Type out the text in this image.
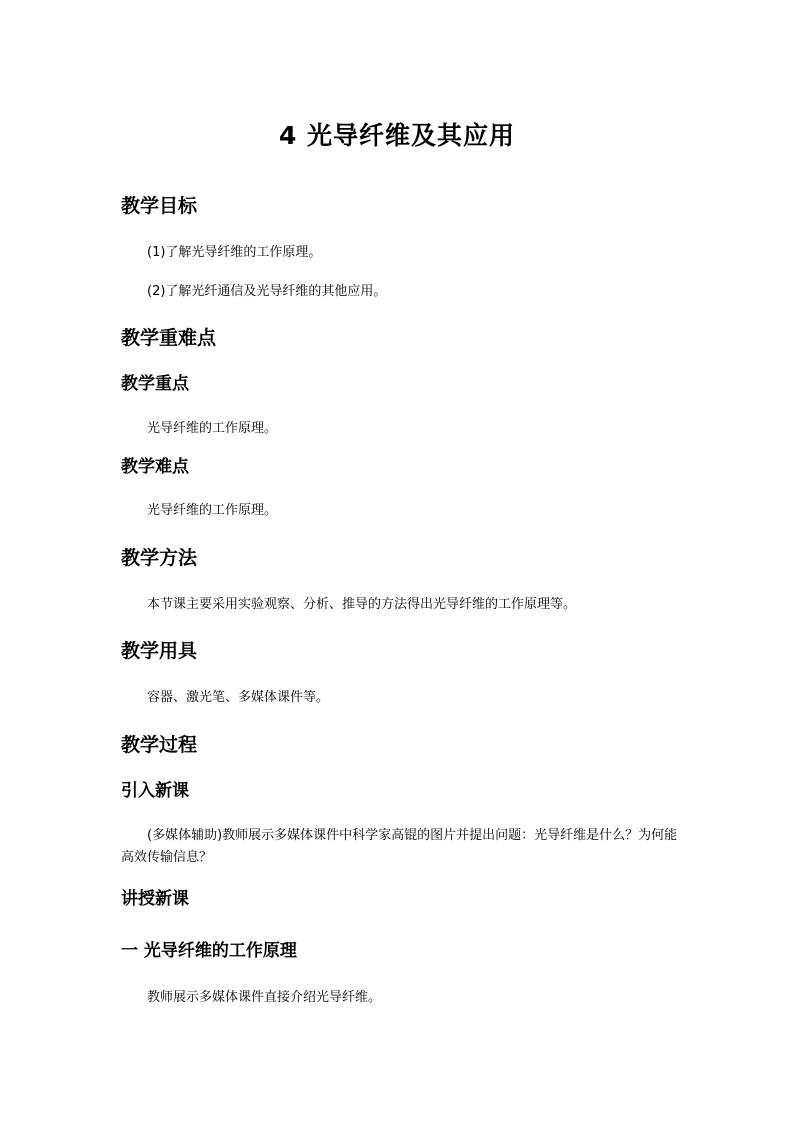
4 光导纤维及其应用
教学目标
(1)了解光导纤维的工作原理。
(2)了解光纤通信及光导纤维的其他应用。
教学重难点
教学重点
光导纤维的工作原理。
教学难点
光导纤维的工作原理。
教学方法
本节课主要采用实验观察、分析、推导的方法得出光导纤维的工作原理等。
教学用具
容器、激光笔、多媒体课件等。
教学过程
引入新课
(多媒体辅助)教师展示多媒体课件中科学家高锟的图片并提出问题：光导纤维是什么？为何能高效传输信息？
讲授新课
一 光导纤维的工作原理
教师展示多媒体课件直接介绍光导纤维。
